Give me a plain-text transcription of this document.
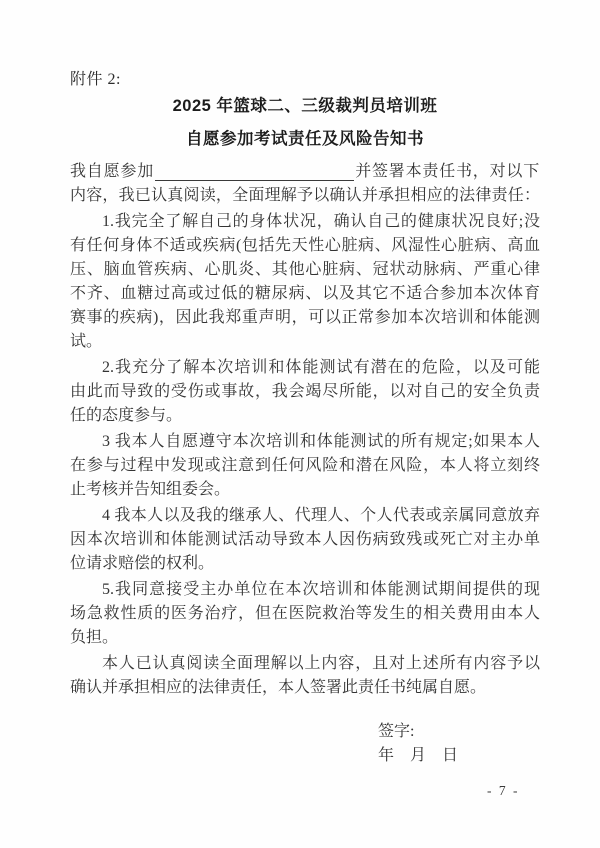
附件 2:
2025 年篮球二、三级裁判员培训班
自愿参加考试责任及风险告知书
我自愿参加	并签署本责任书，对以下
内容，我已认真阅读，全面理解予以确认并承担相应的法律责任：
1.我完全了解自己的身体状况，确认自己的健康状况良好;没
有任何身体不适或疾病(包括先天性心脏病、风湿性心脏病、高血
压、脑血管疾病、心肌炎、其他心脏病、冠状动脉病、严重心律
不齐、血糖过高或过低的糖尿病、以及其它不适合参加本次体育
赛事的疾病)，因此我郑重声明，可以正常参加本次培训和体能测
试。
2.我充分了解本次培训和体能测试有潜在的危险，以及可能
由此而导致的受伤或事故，我会竭尽所能，以对自己的安全负责
任的态度参与。
3 我本人自愿遵守本次培训和体能测试的所有规定;如果本人
在参与过程中发现或注意到任何风险和潜在风险，本人将立刻终
止考核并告知组委会。
4 我本人以及我的继承人、代理人、个人代表或亲属同意放弃
因本次培训和体能测试活动导致本人因伤病致残或死亡对主办单
位请求赔偿的权利。
5.我同意接受主办单位在本次培训和体能测试期间提供的现
场急救性质的医务治疗，但在医院救治等发生的相关费用由本人
负担。
本人已认真阅读全面理解以上内容，且对上述所有内容予以
确认并承担相应的法律责任，本人签署此责任书纯属自愿。
签字:
年　月　日
- 7 -
